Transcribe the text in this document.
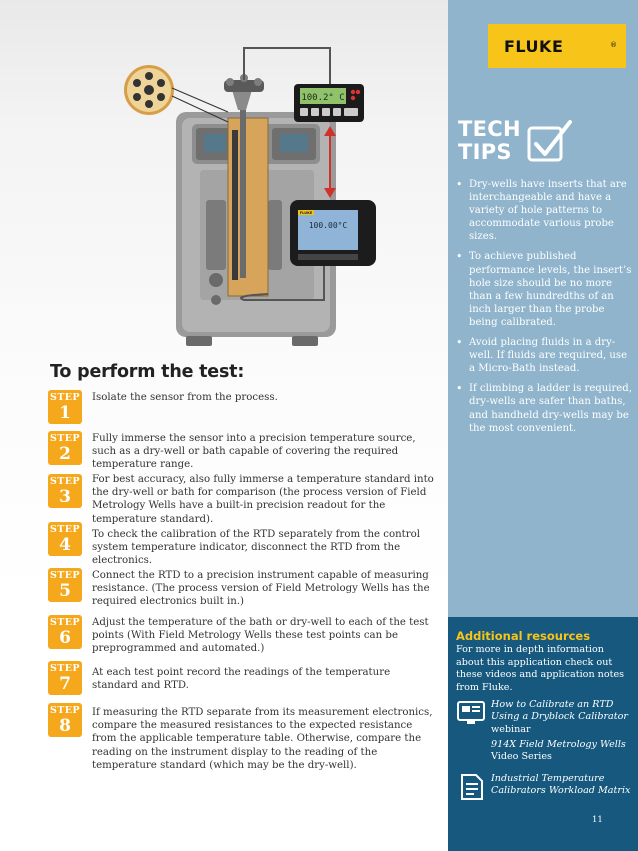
100.2° C
100.00°C
FLUKE
To perform the test:
STEP
1

Isolate the sensor from the process.

STEP
2

Fully immerse the sensor into a precision temperature source, such as a dry-well or bath capable of covering the required temperature range.

STEP
3

For best accuracy, also fully immerse a temperature standard into the dry-well or bath for comparison (the process version of Field Metrology Wells have a built-in precision readout for the temperature standard).

STEP
4

To check the calibration of the RTD separately from the control system temperature indicator, disconnect the RTD from the electronics.

STEP
5

Connect the RTD to a precision instrument capable of measuring resistance. (The process version of Field Metrology Wells has the required electronics built in.)

STEP
6

Adjust the temperature of the bath or dry-well to each of the test points (With Field Metrology Wells these test points can be preprogrammed and automated.)

STEP
7

At each test point record the readings of the temperature standard and RTD.

STEP
8

If measuring the RTD separate from its measurement electronics, compare the measured resistances to the expected resistance from the applicable temperature table. Otherwise, compare the reading on the instrument display to the reading of the temperature standard (which may be the dry-well).

FLUKE	®
TECH
TIPS
• Dry-wells have inserts that are interchangeable and have a variety of hole patterns to accommodate various probe sizes.
• To achieve published performance levels, the insert’s hole size should be no more than a few hundredths of an inch larger than the probe being calibrated.
• Avoid placing fluids in a dry-well. If fluids are required, use a Micro-Bath instead.
• If climbing a ladder is required, dry-wells are safer than baths, and handheld dry-wells may be the most convenient.
Additional resources

For more in depth information about this application check out these videos and application notes from Fluke.

How to Calibrate an RTD Using a Dryblock Calibrator
webinar
914X Field Metrology Wells
Video Series
Industrial Temperature Calibrators Workload Matrix
11
